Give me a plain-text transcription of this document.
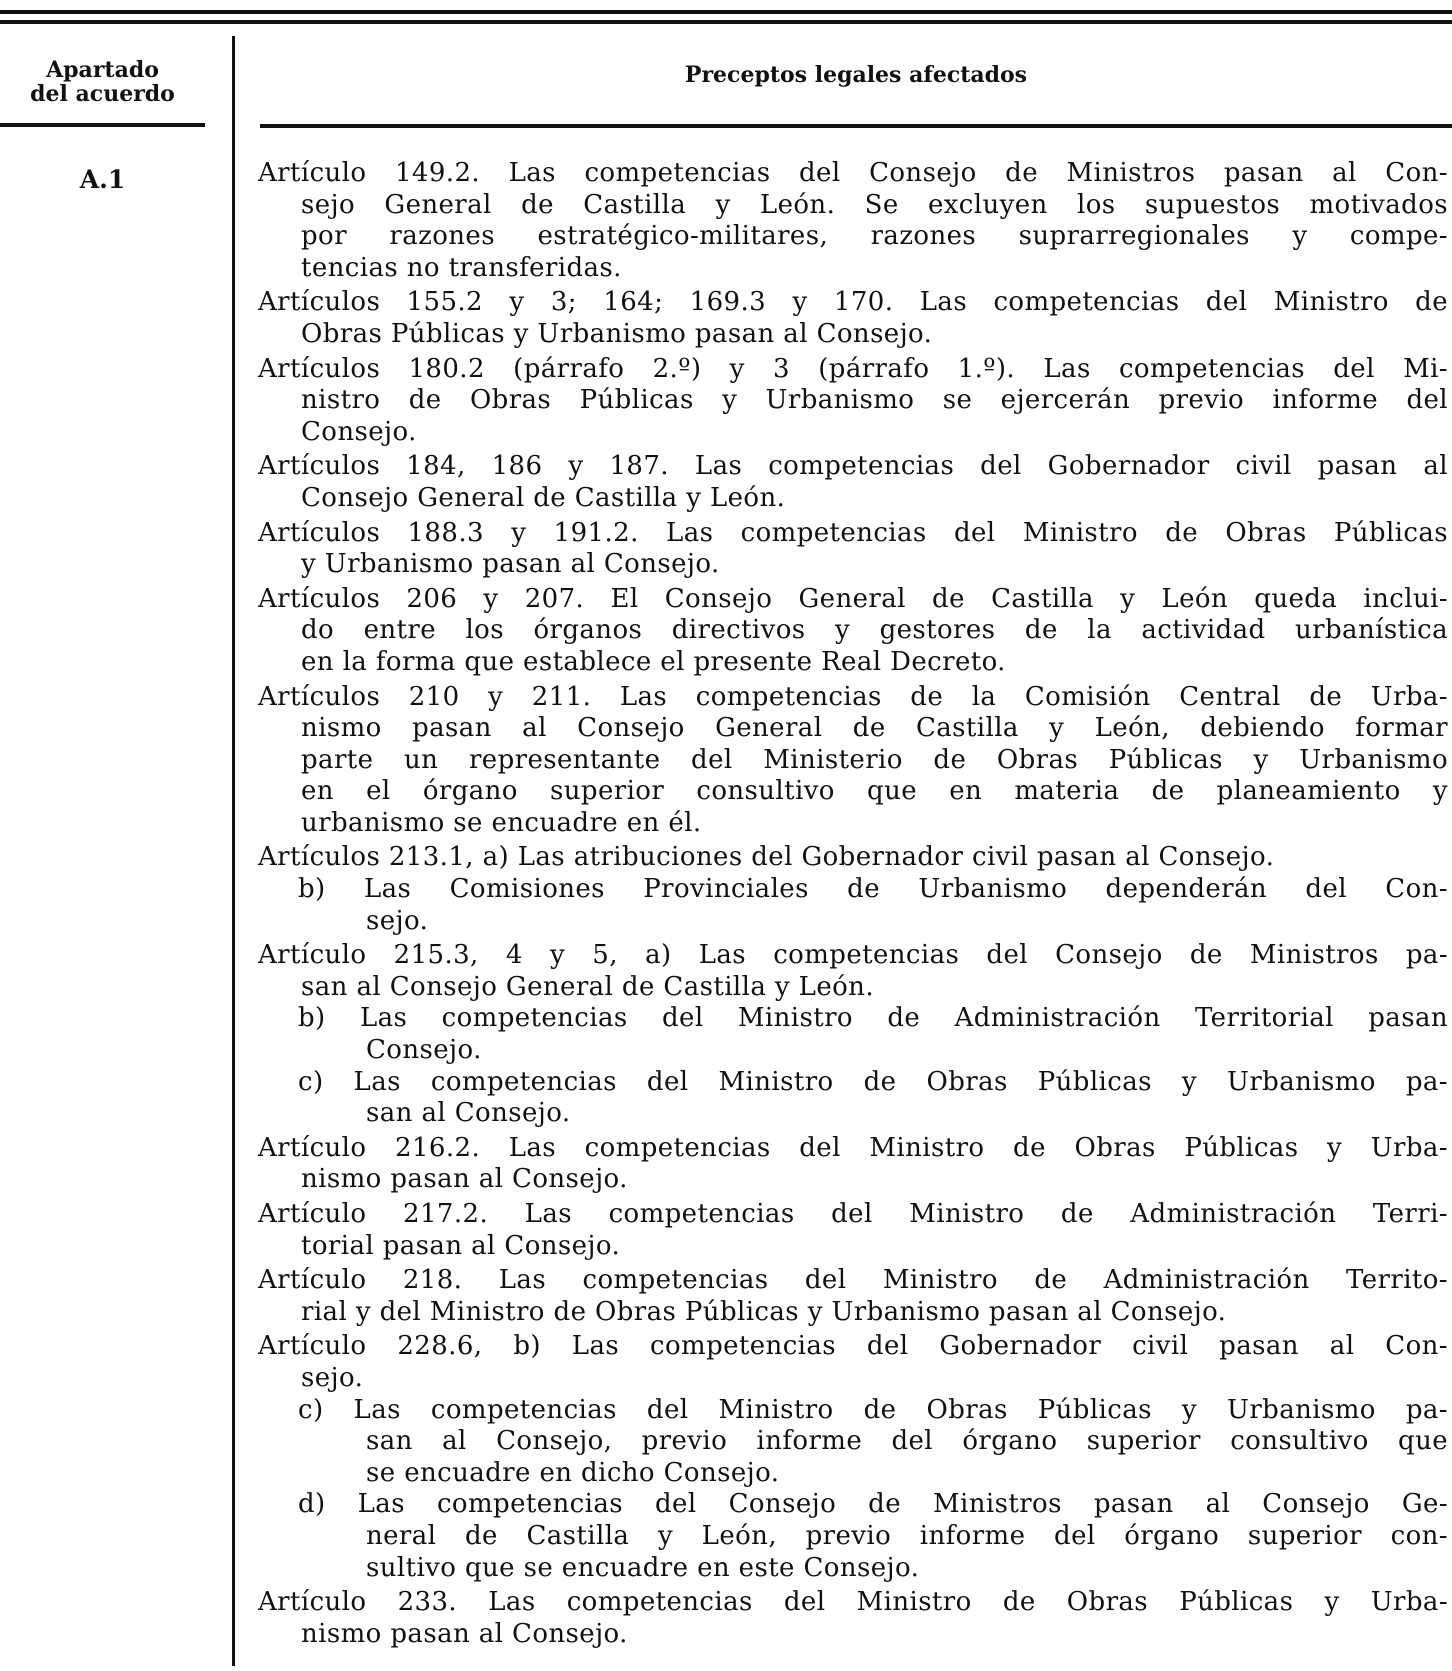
Apartado
del acuerdo
Preceptos legales afectados
A.1	Artículo 149.2. Las competencias del Consejo de Ministros pasan al Con-
sejo General de Castilla y León. Se excluyen los supuestos motivados
por razones estratégico-militares, razones suprarregionales y compe-
tencias no transferidas.
Artículos 155.2 y 3; 164; 169.3 y 170. Las competencias del Ministro de
Obras Públicas y Urbanismo pasan al Consejo.
Artículos 180.2 (párrafo 2.º) y 3 (párrafo 1.º). Las competencias del Mi-
nistro de Obras Públicas y Urbanismo se ejercerán previo informe del
Consejo.
Artículos 184, 186 y 187. Las competencias del Gobernador civil pasan al
Consejo General de Castilla y León.
Artículos 188.3 y 191.2. Las competencias del Ministro de Obras Públicas
y Urbanismo pasan al Consejo.
Artículos 206 y 207. El Consejo General de Castilla y León queda inclui-
do entre los órganos directivos y gestores de la actividad urbanística
en la forma que establece el presente Real Decreto.
Artículos 210 y 211. Las competencias de la Comisión Central de Urba-
nismo pasan al Consejo General de Castilla y León, debiendo formar
parte un representante del Ministerio de Obras Públicas y Urbanismo
en el órgano superior consultivo que en materia de planeamiento y
urbanismo se encuadre en él.
Artículos 213.1, a) Las atribuciones del Gobernador civil pasan al Consejo.
b) Las Comisiones Provinciales de Urbanismo dependerán del Con-
sejo.
Artículo 215.3, 4 y 5, a) Las competencias del Consejo de Ministros pa-
san al Consejo General de Castilla y León.
b) Las competencias del Ministro de Administración Territorial pasan
Consejo.
c) Las competencias del Ministro de Obras Públicas y Urbanismo pa-
san al Consejo.
Artículo 216.2. Las competencias del Ministro de Obras Públicas y Urba-
nismo pasan al Consejo.
Artículo 217.2. Las competencias del Ministro de Administración Terri-
torial pasan al Consejo.
Artículo 218. Las competencias del Ministro de Administración Territo-
rial y del Ministro de Obras Públicas y Urbanismo pasan al Consejo.
Artículo 228.6, b) Las competencias del Gobernador civil pasan al Con-
sejo.
c) Las competencias del Ministro de Obras Públicas y Urbanismo pa-
san al Consejo, previo informe del órgano superior consultivo que
se encuadre en dicho Consejo.
d) Las competencias del Consejo de Ministros pasan al Consejo Ge-
neral de Castilla y León, previo informe del órgano superior con-
sultivo que se encuadre en este Consejo.
Artículo 233. Las competencias del Ministro de Obras Públicas y Urba-
nismo pasan al Consejo.
